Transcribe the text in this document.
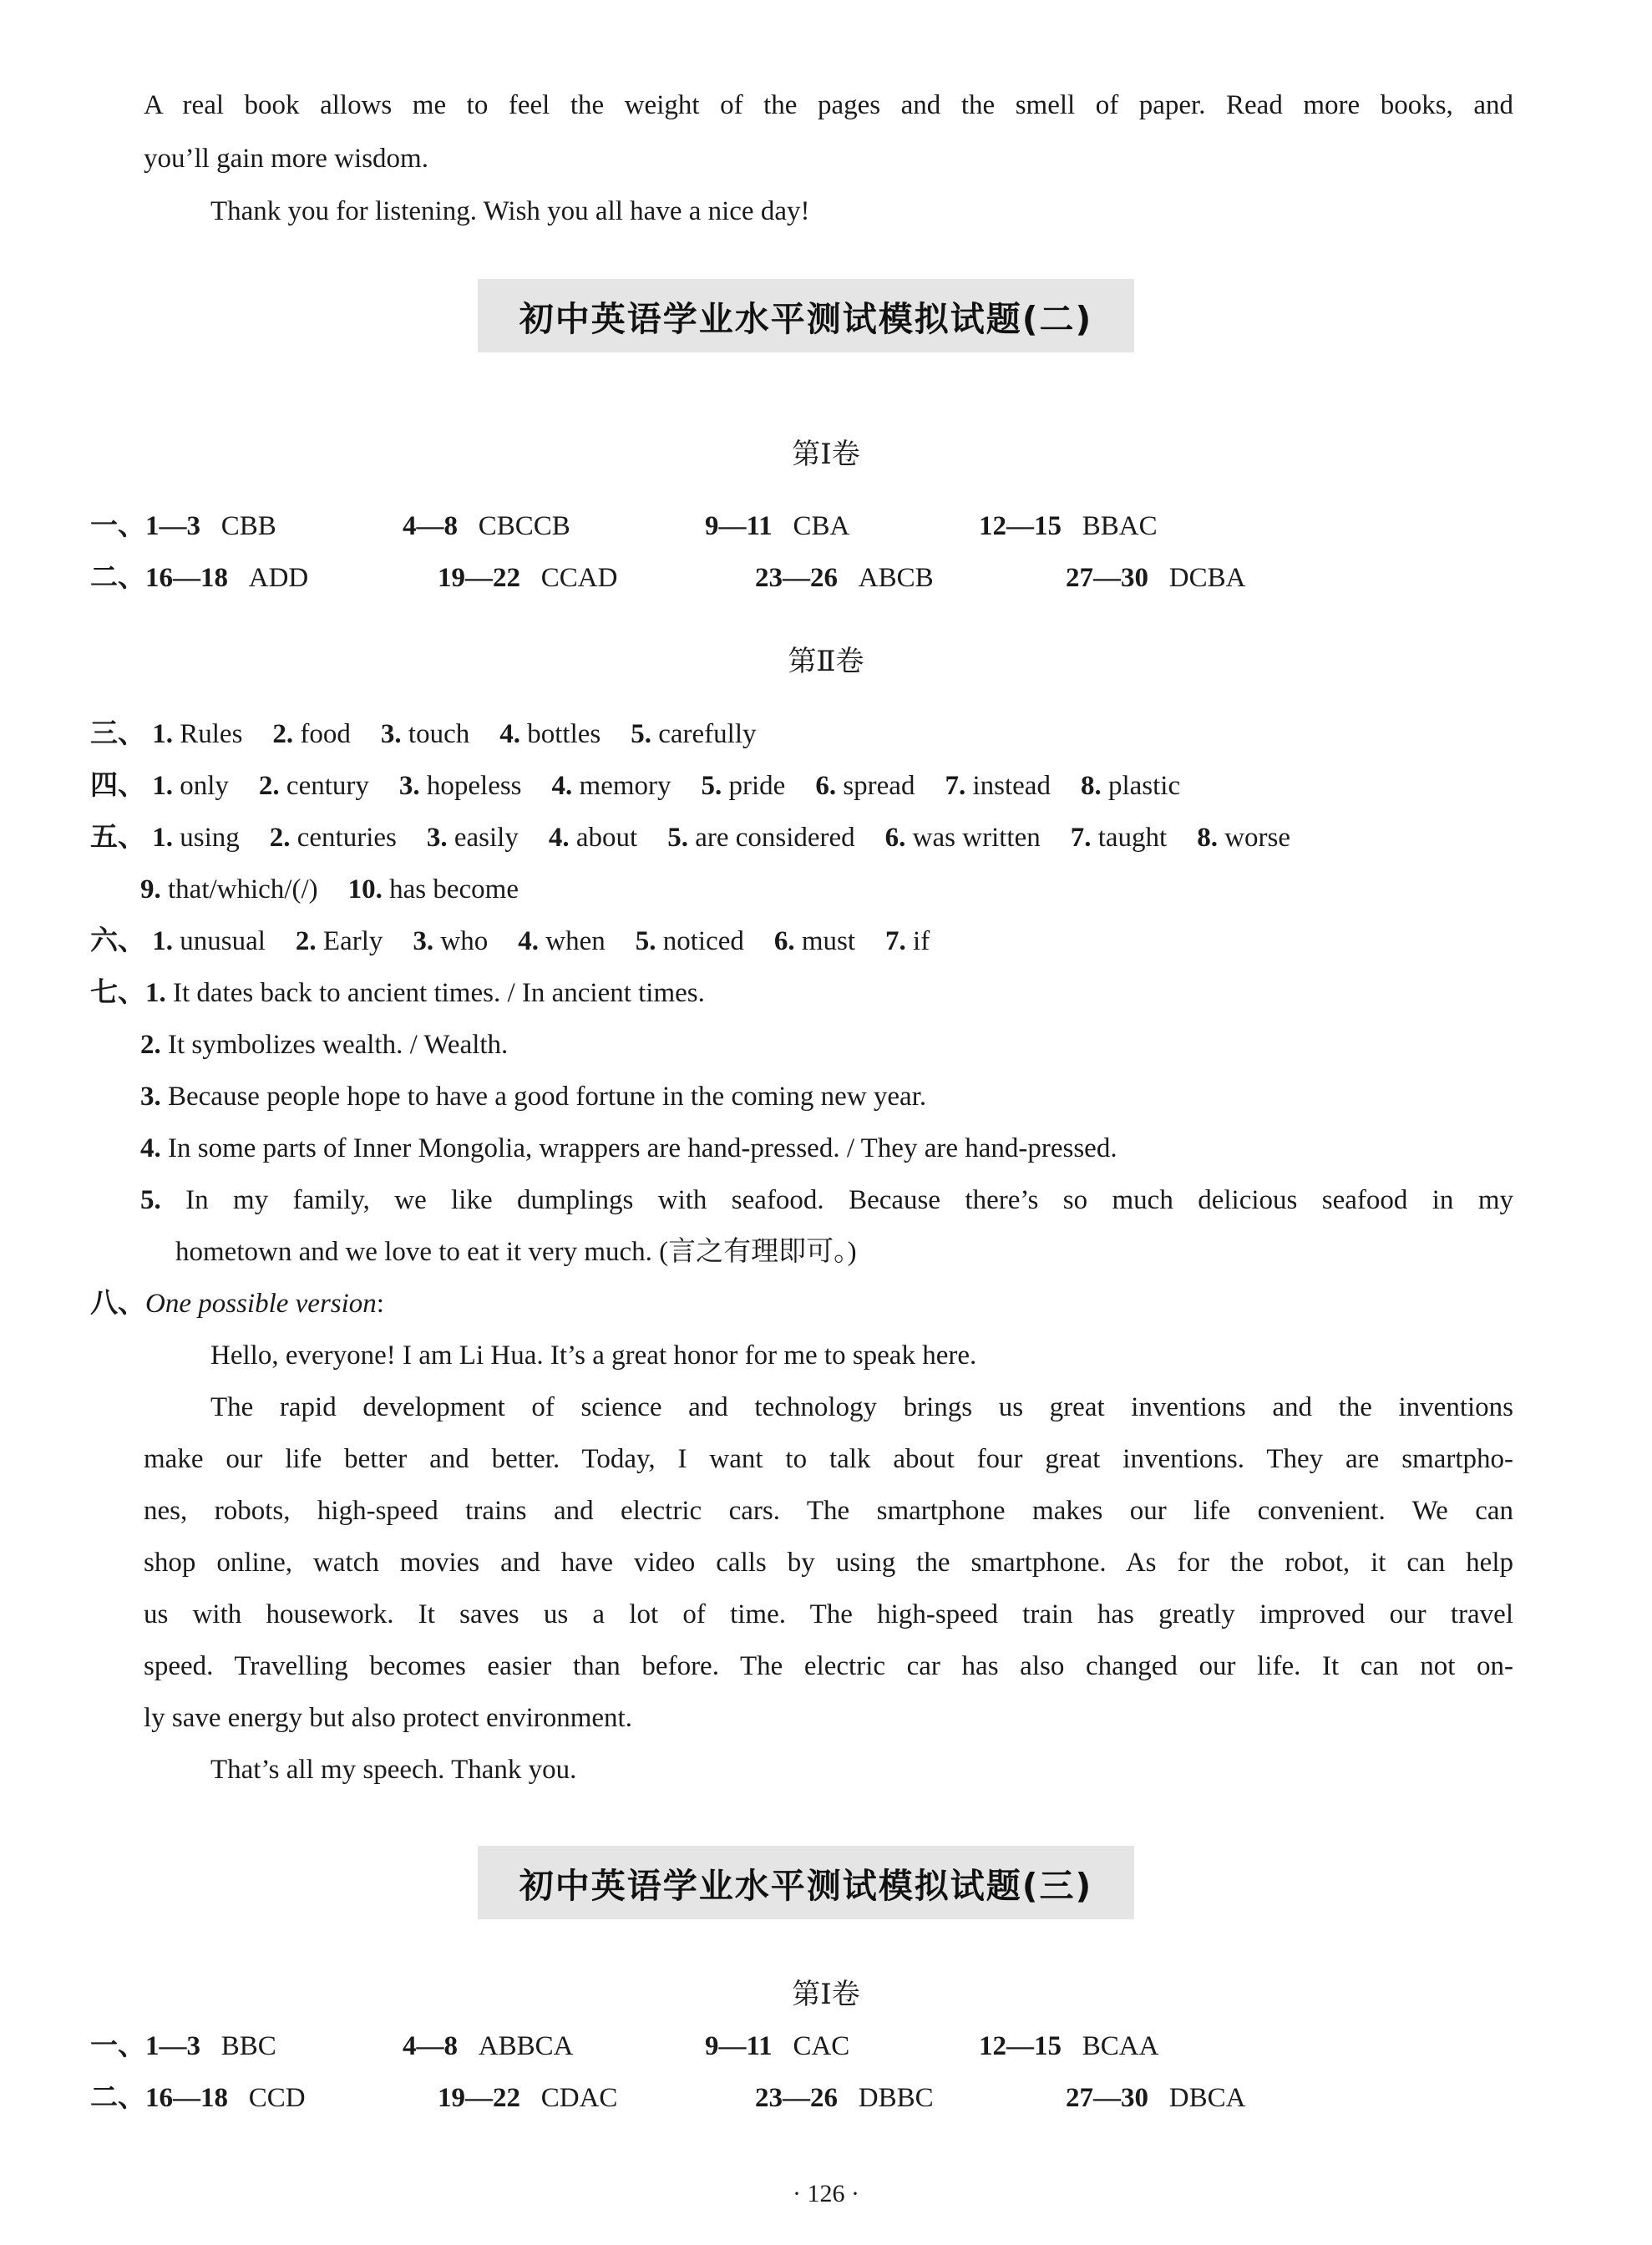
A real book allows me to feel the weight of the pages and the smell of paper. Read more books, and
you’ll gain more wisdom.
Thank you for listening. Wish you all have a nice day!
初中英语学业水平测试模拟试题(二)
第Ⅰ卷
一、1—3 CBB	4—8 CBCCB	9—11 CBA	12—15 BBAC
二、16—18 ADD	19—22 CCAD	23—26 ABCB	27—30 DCBA
第Ⅱ卷
三、 1. Rules 2. food 3. touch 4. bottles 5. carefully
四、 1. only 2. century 3. hopeless 4. memory 5. pride 6. spread 7. instead 8. plastic
五、 1. using 2. centuries 3. easily 4. about 5. are considered 6. was written 7. taught 8. worse
9. that/which/(/) 10. has become
六、 1. unusual 2. Early 3. who 4. when 5. noticed 6. must 7. if
七、1. It dates back to ancient times. / In ancient times.
2. It symbolizes wealth. / Wealth.
3. Because people hope to have a good fortune in the coming new year.
4. In some parts of Inner Mongolia, wrappers are hand-pressed. / They are hand-pressed.
5. In my family, we like dumplings with seafood. Because there’s so much delicious seafood in my
hometown and we love to eat it very much. (言之有理即可。)
八、One possible version:
Hello, everyone! I am Li Hua. It’s a great honor for me to speak here.
The rapid development of science and technology brings us great inventions and the inventions
make our life better and better. Today, I want to talk about four great inventions. They are smartpho-
nes, robots, high-speed trains and electric cars. The smartphone makes our life convenient. We can
shop online, watch movies and have video calls by using the smartphone. As for the robot, it can help
us with housework. It saves us a lot of time. The high-speed train has greatly improved our travel
speed. Travelling becomes easier than before. The electric car has also changed our life. It can not on-
ly save energy but also protect environment.
That’s all my speech. Thank you.
初中英语学业水平测试模拟试题(三)
第Ⅰ卷
一、1—3 BBC	4—8 ABBCA	9—11 CAC	12—15 BCAA
二、16—18 CCD	19—22 CDAC	23—26 DBBC	27—30 DBCA
· 126 ·
